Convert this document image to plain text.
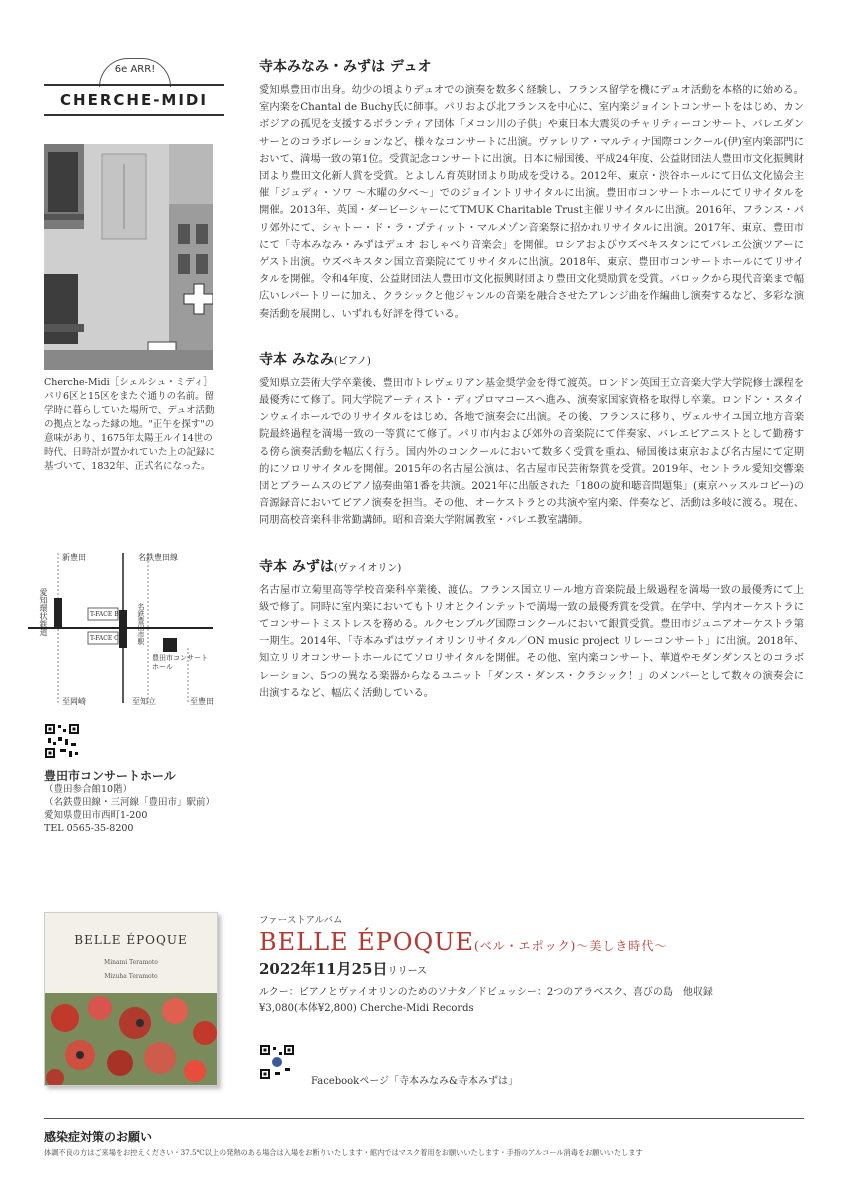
6e ARR!
CHERCHE-MIDI
Cherche-Midi［シェルシュ・ミディ］パリ6区と15区をまたぐ通りの名前。留学時に暮らしていた場所で、デュオ活動の拠点となった縁の地。"正午を探す"の意味があり、1675年太陽王ルイ14世の時代、日時計が置かれていた上の記録に基づいて、1832年、正式名になった。
新豊田
愛知環状鉄道
名鉄豊田線
T-FACE B
T-FACE C	名鉄豊田市駅
豊田市コンサートホール
至岡崎	至知立	至豊田
豊田市コンサートホール
（豊田参合館10階）
（名鉄豊田線・三河線「豊田市」駅前）
愛知県豊田市西町1-200
TEL 0565-35-8200
寺本みなみ・みずは デュオ
愛知県豊田市出身。幼少の頃よりデュオでの演奏を数多く経験し、フランス留学を機にデュオ活動を本格的に始める。室内楽をChantal de Buchy氏に師事。パリおよび北フランスを中心に、室内楽ジョイントコンサートをはじめ、カンボジアの孤児を支援するボランティア団体「メコン川の子供」や東日本大震災のチャリティーコンサート、バレエダンサーとのコラボレーションなど、様々なコンサートに出演。ヴァレリア・マルティナ国際コンクール(伊)室内楽部門において、満場一致の第1位。受賞記念コンサートに出演。日本に帰国後、平成24年度、公益財団法人豊田市文化振興財団より豊田文化新人賞を受賞。とよしん育英財団より助成を受ける。2012年、東京・渋谷ホールにて日仏文化協会主催「ジュディ・ソワ ～木曜の夕べ～」でのジョイントリサイタルに出演。豊田市コンサートホールにてリサイタルを開催。2013年、英国・ダービーシャーにてTMUK Charitable Trust主催リサイタルに出演。2016年、フランス・パリ郊外にて、シャトー・ド・ラ・プティット・マルメゾン音楽祭に招かれリサイタルに出演。2017年、東京、豊田市にて「寺本みなみ・みずはデュオ おしゃべり音楽会」を開催。ロシアおよびウズベキスタンにてバレエ公演ツアーにゲスト出演。ウズベキスタン国立音楽院にてリサイタルに出演。2018年、東京、豊田市コンサートホールにてリサイタルを開催。令和4年度、公益財団法人豊田市文化振興財団より豊田文化奨励賞を受賞。バロックから現代音楽まで幅広いレパートリーに加え、クラシックと他ジャンルの音楽を融合させたアレンジ曲を作編曲し演奏するなど、多彩な演奏活動を展開し、いずれも好評を得ている。
寺本 みなみ(ピアノ)
愛知県立芸術大学卒業後、豊田市トレヴェリアン基金奨学金を得て渡英。ロンドン英国王立音楽大学大学院修士課程を最優秀にて修了。同大学院アーティスト・ディプロマコースへ進み、演奏家国家資格を取得し卒業。ロンドン・スタインウェイホールでのリサイタルをはじめ、各地で演奏会に出演。その後、フランスに移り、ヴェルサイユ国立地方音楽院最終過程を満場一致の一等賞にて修了。パリ市内および郊外の音楽院にて伴奏家、バレエピアニストとして勤務する傍ら演奏活動を幅広く行う。国内外のコンクールにおいて数多く受賞を重ね、帰国後は東京および名古屋にて定期的にソロリサイタルを開催。2015年の名古屋公演は、名古屋市民芸術祭賞を受賞。2019年、セントラル愛知交響楽団とブラームスのピアノ協奏曲第1番を共演。2021年に出版された「180の旋和聴音問題集」(東京ハッスルコピー)の音源録音においてピアノ演奏を担当。その他、オーケストラとの共演や室内楽、伴奏など、活動は多岐に渡る。現在、同朋高校音楽科非常勤講師。昭和音楽大学附属教室・バレエ教室講師。
寺本 みずは(ヴァイオリン)
名古屋市立菊里高等学校音楽科卒業後、渡仏。フランス国立リール地方音楽院最上級過程を満場一致の最優秀にて上級で修了。同時に室内楽においてもトリオとクインテットで満場一致の最優秀賞を受賞。在学中、学内オーケストラにてコンサートミストレスを務める。ルクセンブルグ国際コンクールにおいて銀賞受賞。豊田市ジュニアオーケストラ第一期生。2014年、「寺本みずはヴァイオリンリサイタル／ON music project リレーコンサート」に出演。2018年、知立リリオコンサートホールにてソロリサイタルを開催。その他、室内楽コンサート、華道やモダンダンスとのコラボレーション、5つの異なる楽器からなるユニット「ダンス・ダンス・クラシック！」のメンバーとして数々の演奏会に出演するなど、幅広く活動している。
BELLE ÉPOQUE
Minami Teramoto
Mizuha Teramoto
ファーストアルバム
BELLE ÉPOQUE(ベル・エポック)～美しき時代～
2022年11月25日リリース
ルクー：ピアノとヴァイオリンのためのソナタ／ドビュッシー：2つのアラベスク、喜びの島　他収録
¥3,080(本体¥2,800) Cherche-Midi Records
Facebookページ「寺本みなみ&寺本みずは」
感染症対策のお願い
体調不良の方はご来場をお控えください・37.5℃以上の発熱のある場合は入場をお断りいたします・館内ではマスク着用をお願いいたします・手指のアルコール消毒をお願いいたします
